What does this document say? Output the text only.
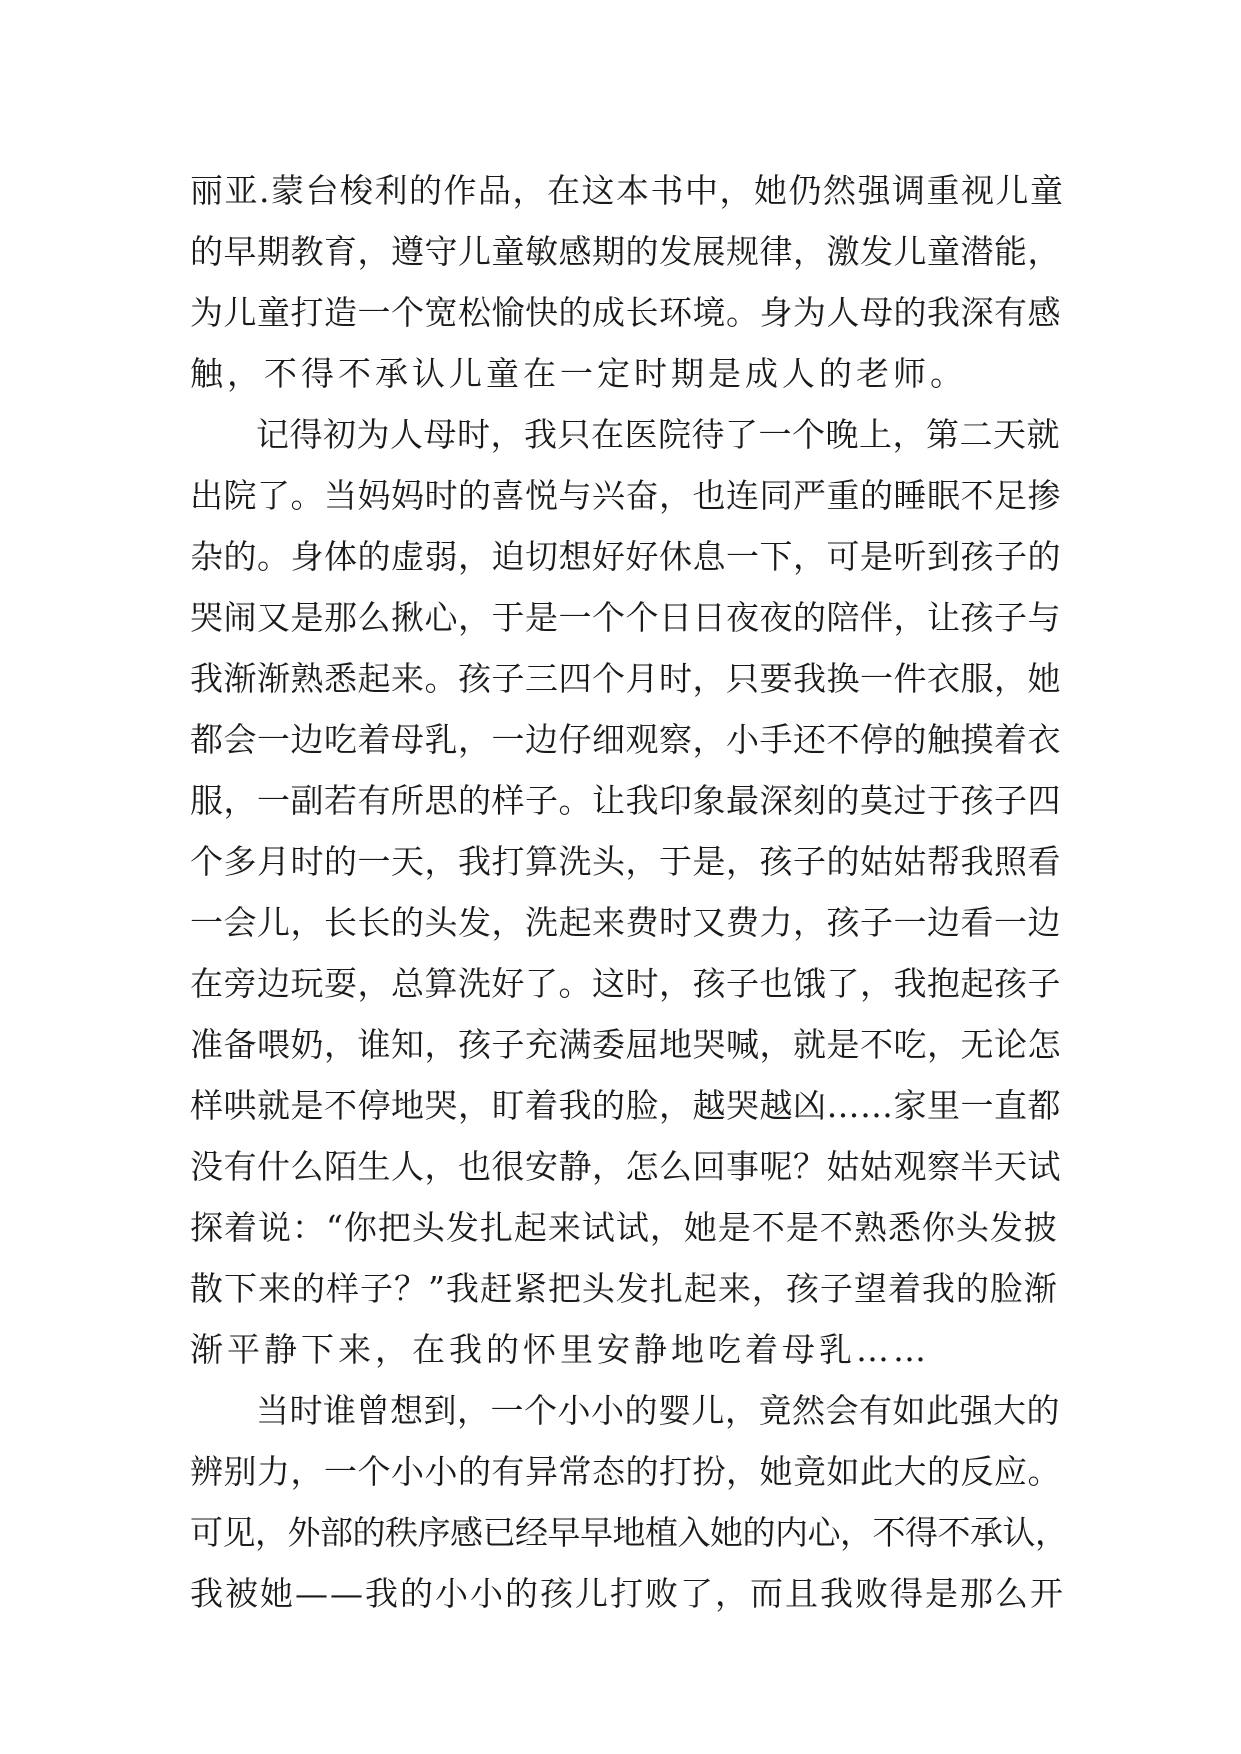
丽亚.蒙台梭利的作品，在这本书中，她仍然强调重视儿童
的早期教育，遵守儿童敏感期的发展规律，激发儿童潜能，
为儿童打造一个宽松愉快的成长环境。身为人母的我深有感
触，不得不承认儿童在一定时期是成人的老师。
记得初为人母时，我只在医院待了一个晚上，第二天就
出院了。当妈妈时的喜悦与兴奋，也连同严重的睡眠不足掺
杂的。身体的虚弱，迫切想好好休息一下，可是听到孩子的
哭闹又是那么揪心，于是一个个日日夜夜的陪伴，让孩子与
我渐渐熟悉起来。孩子三四个月时，只要我换一件衣服，她
都会一边吃着母乳，一边仔细观察，小手还不停的触摸着衣
服，一副若有所思的样子。让我印象最深刻的莫过于孩子四
个多月时的一天，我打算洗头，于是，孩子的姑姑帮我照看
一会儿，长长的头发，洗起来费时又费力，孩子一边看一边
在旁边玩耍，总算洗好了。这时，孩子也饿了，我抱起孩子
准备喂奶，谁知，孩子充满委屈地哭喊，就是不吃，无论怎
样哄就是不停地哭，盯着我的脸，越哭越凶……家里一直都
没有什么陌生人，也很安静，怎么回事呢？姑姑观察半天试
探着说：“你把头发扎起来试试，她是不是不熟悉你头发披
散下来的样子？”我赶紧把头发扎起来，孩子望着我的脸渐
渐平静下来，在我的怀里安静地吃着母乳……
当时谁曾想到，一个小小的婴儿，竟然会有如此强大的
辨别力，一个小小的有异常态的打扮，她竟如此大的反应。
可见，外部的秩序感已经早早地植入她的内心，不得不承认，
我被她——我的小小的孩儿打败了，而且我败得是那么开
